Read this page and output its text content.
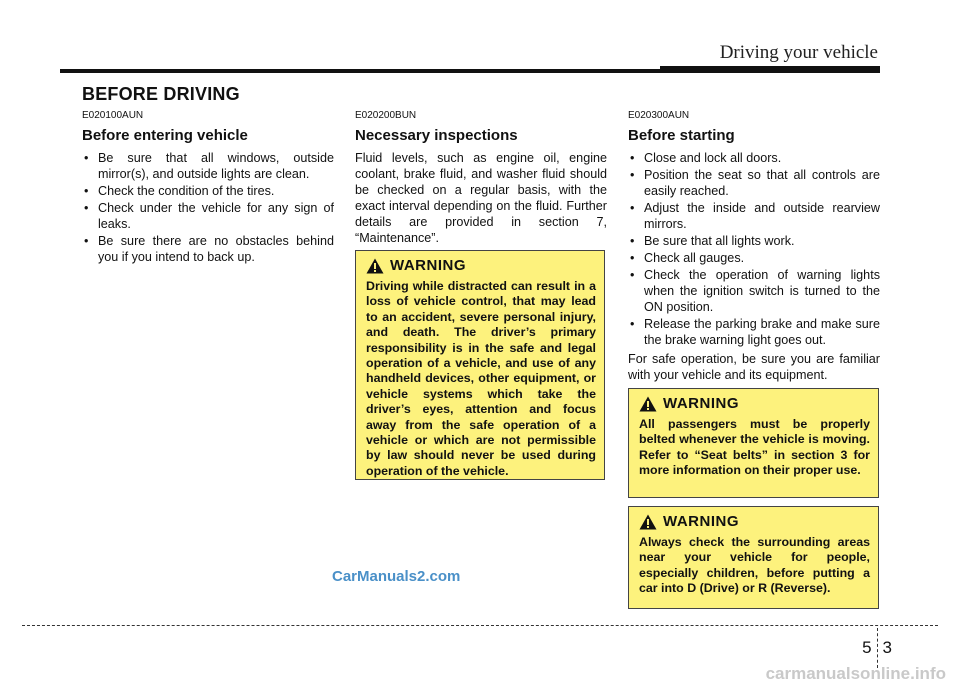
Driving your vehicle
BEFORE DRIVING

E020100AUN

Before entering vehicle

• Be sure that all windows, outside mirror(s), and outside lights are clean.
• Check the condition of the tires.
• Check under the vehicle for any sign of leaks.
• Be sure there are no obstacles behind you if you intend to back up.

E020200BUN

Necessary inspections

Fluid levels, such as engine oil, engine coolant, brake fluid, and washer fluid should be checked on a regular basis, with the exact interval depending on the fluid. Further details are provided in section 7, “Maintenance”.

E020300AUN

Before starting

• Close and lock all doors.
• Position the seat so that all controls are easily reached.
• Adjust the inside and outside rearview mirrors.
• Be sure that all lights work.
• Check all gauges.
• Check the operation of warning lights when the ignition switch is turned to the ON position.
• Release the parking brake and make sure the brake warning light goes out.

For safe operation, be sure you are familiar with your vehicle and its equipment.

WARNING

Driving while distracted can result in a loss of vehicle control, that may lead to an accident, severe personal injury, and death. The driver’s primary responsibility is in the safe and legal operation of a vehicle, and use of any handheld devices, other equipment, or vehicle systems which take the driver’s eyes, attention and focus away from the safe operation of a vehicle or which are not permissible by law should never be used during operation of the vehicle.

WARNING

All passengers must be properly belted whenever the vehicle is moving. Refer to “Seat belts” in section 3 for more information on their proper use.

WARNING

Always check the surrounding areas near your vehicle for people, especially children, before putting a car into D (Drive) or R (Reverse).

CarManuals2.com
5 3
carmanualsonline.info
